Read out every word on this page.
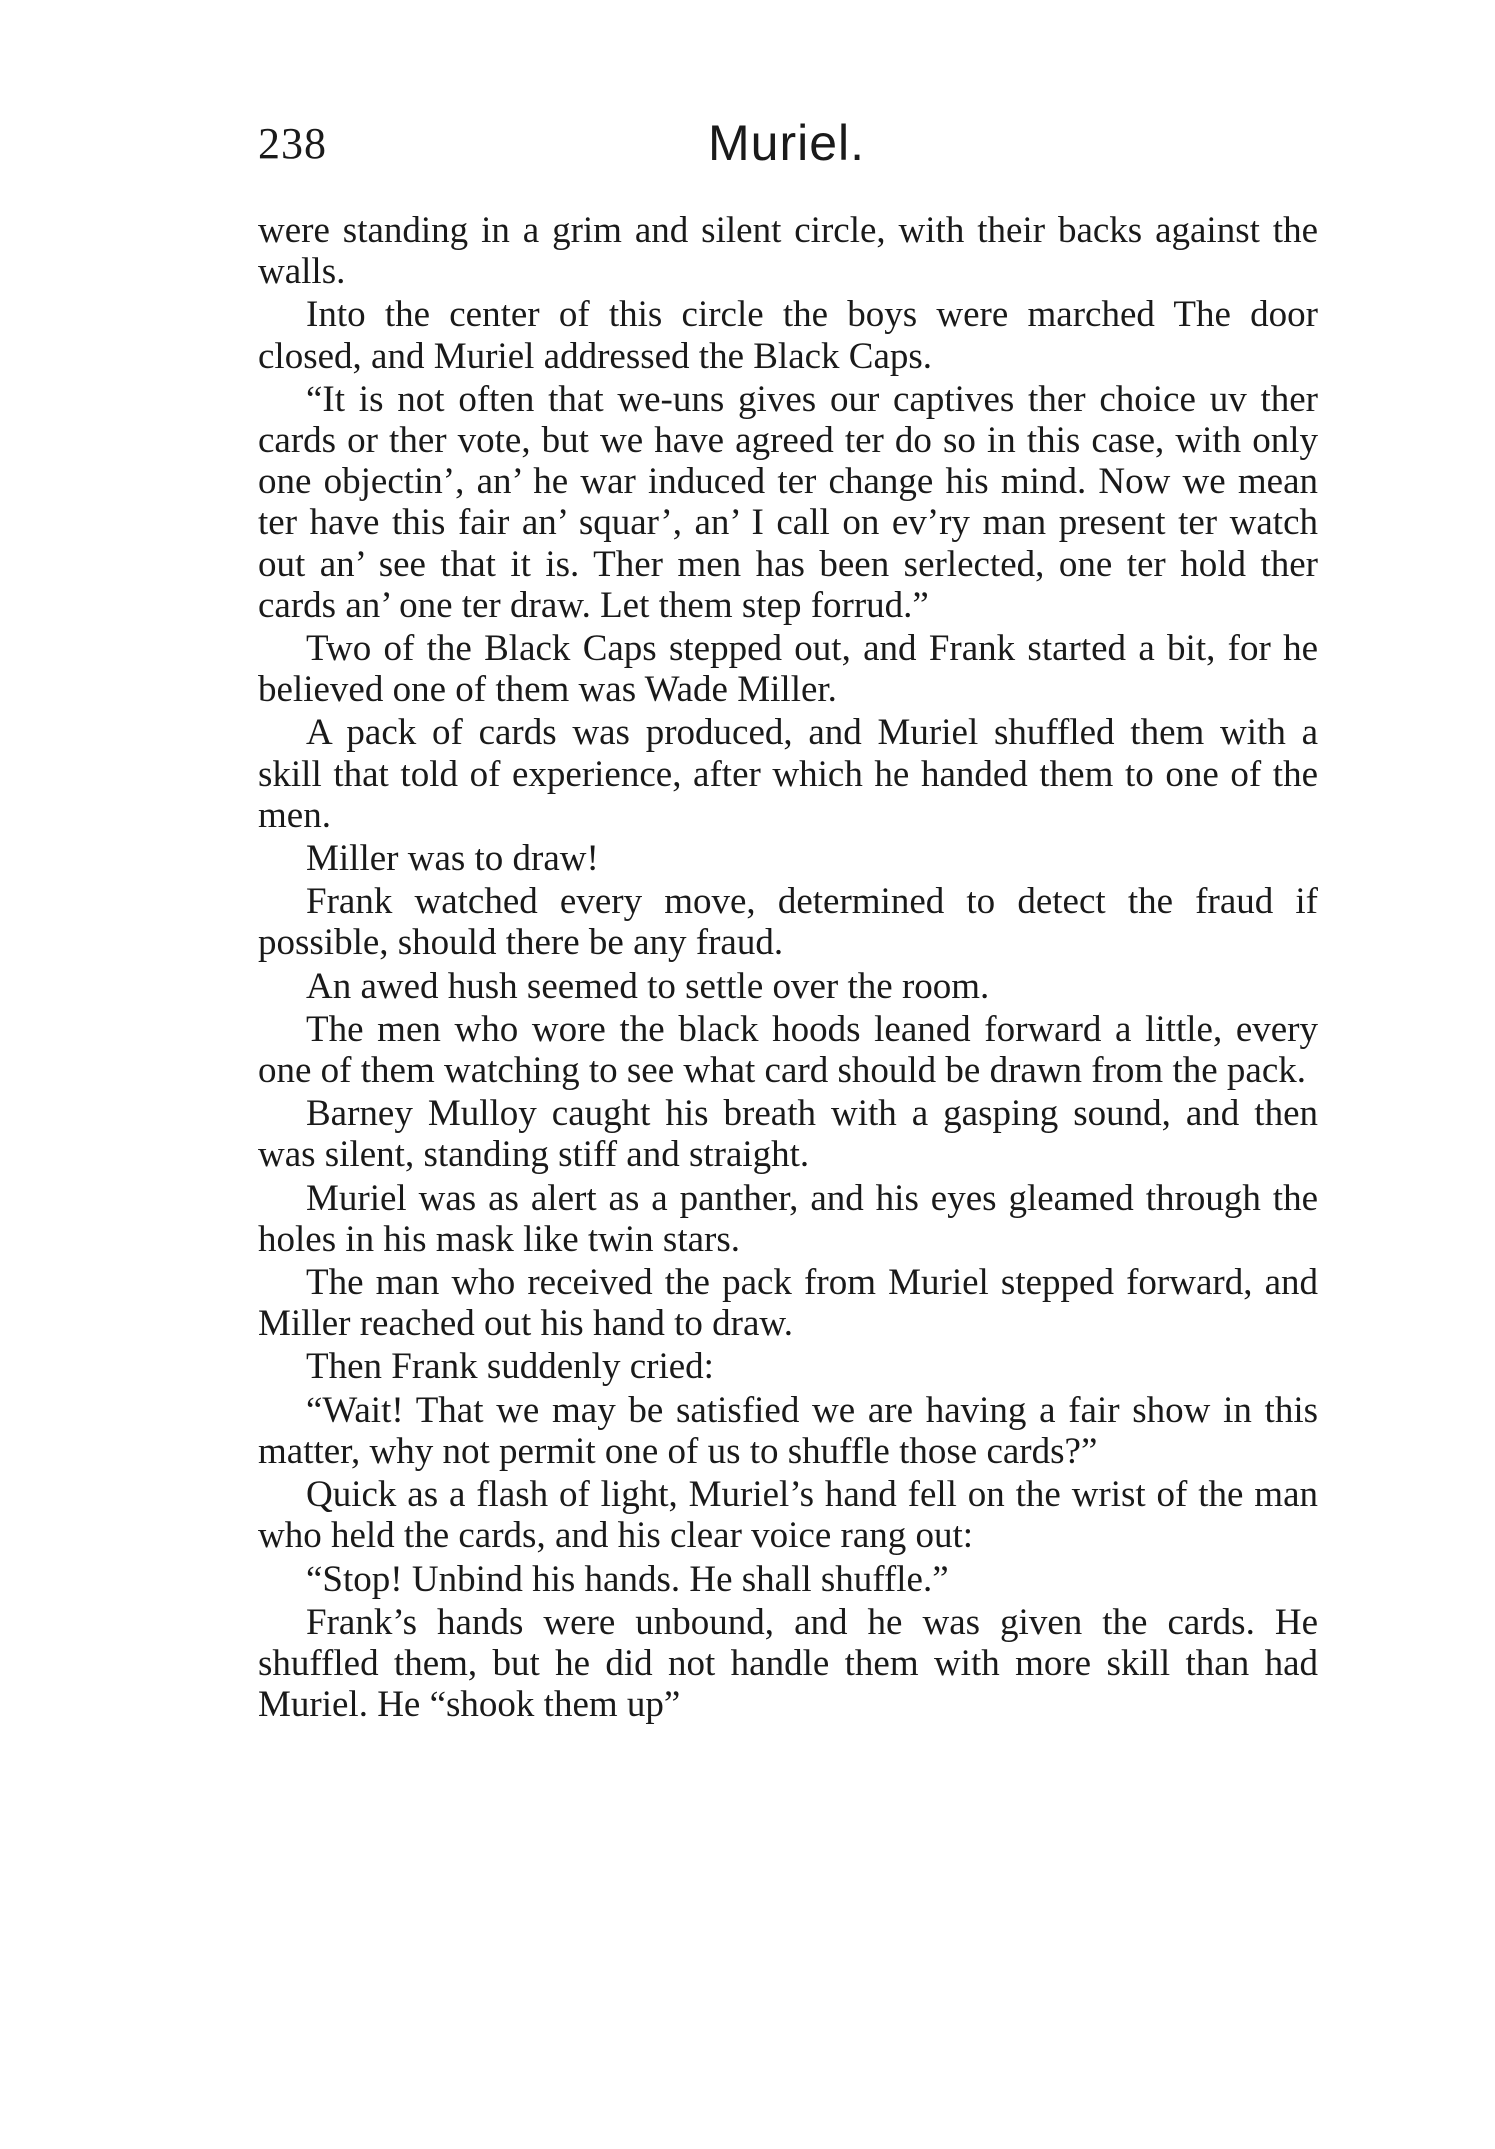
238	Muriel.

were standing in a grim and silent circle, with their backs against the walls.

Into the center of this circle the boys were marched The door closed, and Muriel addressed the Black Caps.

“It is not often that we-uns gives our captives ther choice uv ther cards or ther vote, but we have agreed ter do so in this case, with only one objectin’, an’ he war induced ter change his mind. Now we mean ter have this fair an’ squar’, an’ I call on ev’ry man present ter watch out an’ see that it is. Ther men has been serlected, one ter hold ther cards an’ one ter draw. Let them step forrud.”

Two of the Black Caps stepped out, and Frank started a bit, for he believed one of them was Wade Miller.

A pack of cards was produced, and Muriel shuffled them with a skill that told of experience, after which he handed them to one of the men.

Miller was to draw!

Frank watched every move, determined to detect the fraud if possible, should there be any fraud.

An awed hush seemed to settle over the room.

The men who wore the black hoods leaned forward a little, every one of them watching to see what card should be drawn from the pack.

Barney Mulloy caught his breath with a gasping sound, and then was silent, standing stiff and straight.

Muriel was as alert as a panther, and his eyes gleamed through the holes in his mask like twin stars.

The man who received the pack from Muriel stepped forward, and Miller reached out his hand to draw.

Then Frank suddenly cried:

“Wait! That we may be satisfied we are having a fair show in this matter, why not permit one of us to shuffle those cards?”

Quick as a flash of light, Muriel’s hand fell on the wrist of the man who held the cards, and his clear voice rang out:

“Stop! Unbind his hands. He shall shuffle.”

Frank’s hands were unbound, and he was given the cards. He shuffled them, but he did not handle them with more skill than had Muriel. He “shook them up”
